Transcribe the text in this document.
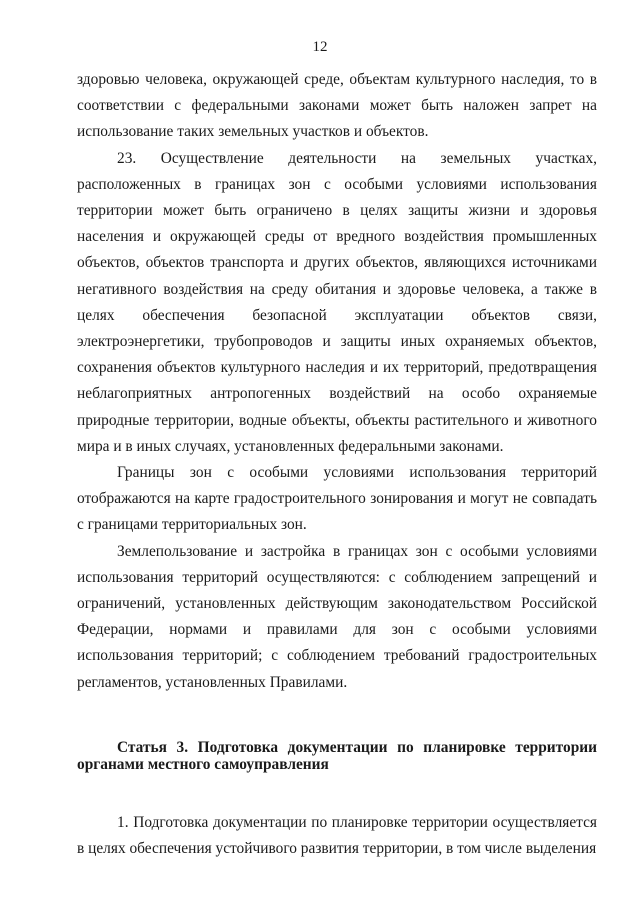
12

здоровью человека, окружающей среде, объектам культурного наследия, то в соответствии с федеральными законами может быть наложен запрет на использование таких земельных участков и объектов.

23. Осуществление деятельности на земельных участках, расположенных в границах зон с особыми условиями использования территории может быть ограничено в целях защиты жизни и здоровья населения и окружающей среды от вредного воздействия промышленных объектов, объектов транспорта и других объектов, являющихся источниками негативного воздействия на среду обитания и здоровье человека, а также в целях обеспечения безопасной эксплуатации объектов связи, электроэнергетики, трубопроводов и защиты иных охраняемых объектов, сохранения объектов культурного наследия и их территорий, предотвращения неблагоприятных антропогенных воздействий на особо охраняемые природные территории, водные объекты, объекты растительного и животного мира и в иных случаях, установленных федеральными законами.

Границы зон с особыми условиями использования территорий отображаются на карте градостроительного зонирования и могут не совпадать с границами территориальных зон.

Землепользование и застройка в границах зон с особыми условиями использования территорий осуществляются: с соблюдением запрещений и ограничений, установленных действующим законодательством Российской Федерации, нормами и правилами для зон с особыми условиями использования территорий; с соблюдением требований градостроительных регламентов, установленных Правилами.

Статья 3. Подготовка документации по планировке территории органами местного самоуправления

1. Подготовка документации по планировке территории осуществляется в целях обеспечения устойчивого развития территории, в том числе выделения
